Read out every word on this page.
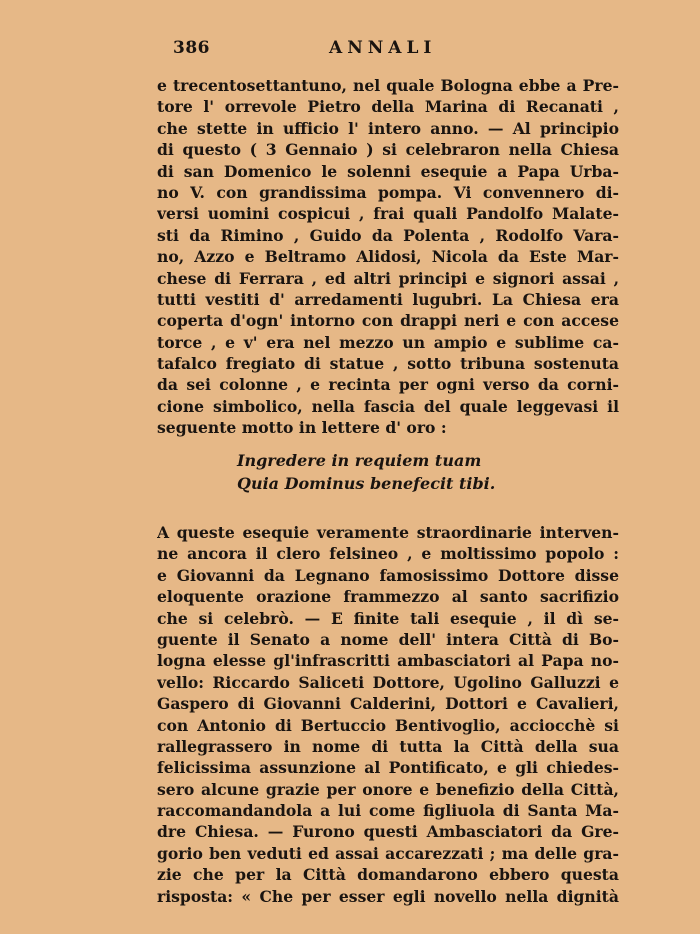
386	ANNALI
e trecentosettantuno, nel quale Bologna ebbe a Pre-
tore l' orrevole Pietro della Marina di Recanati ,
che stette in ufficio l' intero anno. — Al principio
di questo ( 3 Gennaio ) si celebraron nella Chiesa
di san Domenico le solenni esequie a Papa Urba-
no V. con grandissima pompa. Vi convennero di-
versi uomini cospicui , frai quali Pandolfo Malate-
sti da Rimino , Guido da Polenta , Rodolfo Vara-
no, Azzo e Beltramo Alidosi, Nicola da Este Mar-
chese di Ferrara , ed altri principi e signori assai ,
tutti vestiti d' arredamenti lugubri. La Chiesa era
coperta d'ogn' intorno con drappi neri e con accese
torce , e v' era nel mezzo un ampio e sublime ca-
tafalco fregiato di statue , sotto tribuna sostenuta
da sei colonne , e recinta per ogni verso da corni-
cione simbolico, nella fascia del quale leggevasi il
seguente motto in lettere d' oro :
Ingredere in requiem tuam
Quia Dominus benefecit tibi.
A queste esequie veramente straordinarie interven-
ne ancora il clero felsineo , e moltissimo popolo :
e Giovanni da Legnano famosissimo Dottore disse
eloquente orazione frammezzo al santo sacrifizio
che si celebrò. — E finite tali esequie , il dì se-
guente il Senato a nome dell' intera Città di Bo-
logna elesse gl'infrascritti ambasciatori al Papa no-
vello: Riccardo Saliceti Dottore, Ugolino Galluzzi e
Gaspero di Giovanni Calderini, Dottori e Cavalieri,
con Antonio di Bertuccio Bentivoglio, acciocchè si
rallegrassero in nome di tutta la Città della sua
felicissima assunzione al Pontificato, e gli chiedes-
sero alcune grazie per onore e benefizio della Città,
raccomandandola a lui come figliuola di Santa Ma-
dre Chiesa. — Furono questi Ambasciatori da Gre-
gorio ben veduti ed assai accarezzati ; ma delle gra-
zie che per la Città domandarono ebbero questa
risposta: « Che per esser egli novello nella dignità
